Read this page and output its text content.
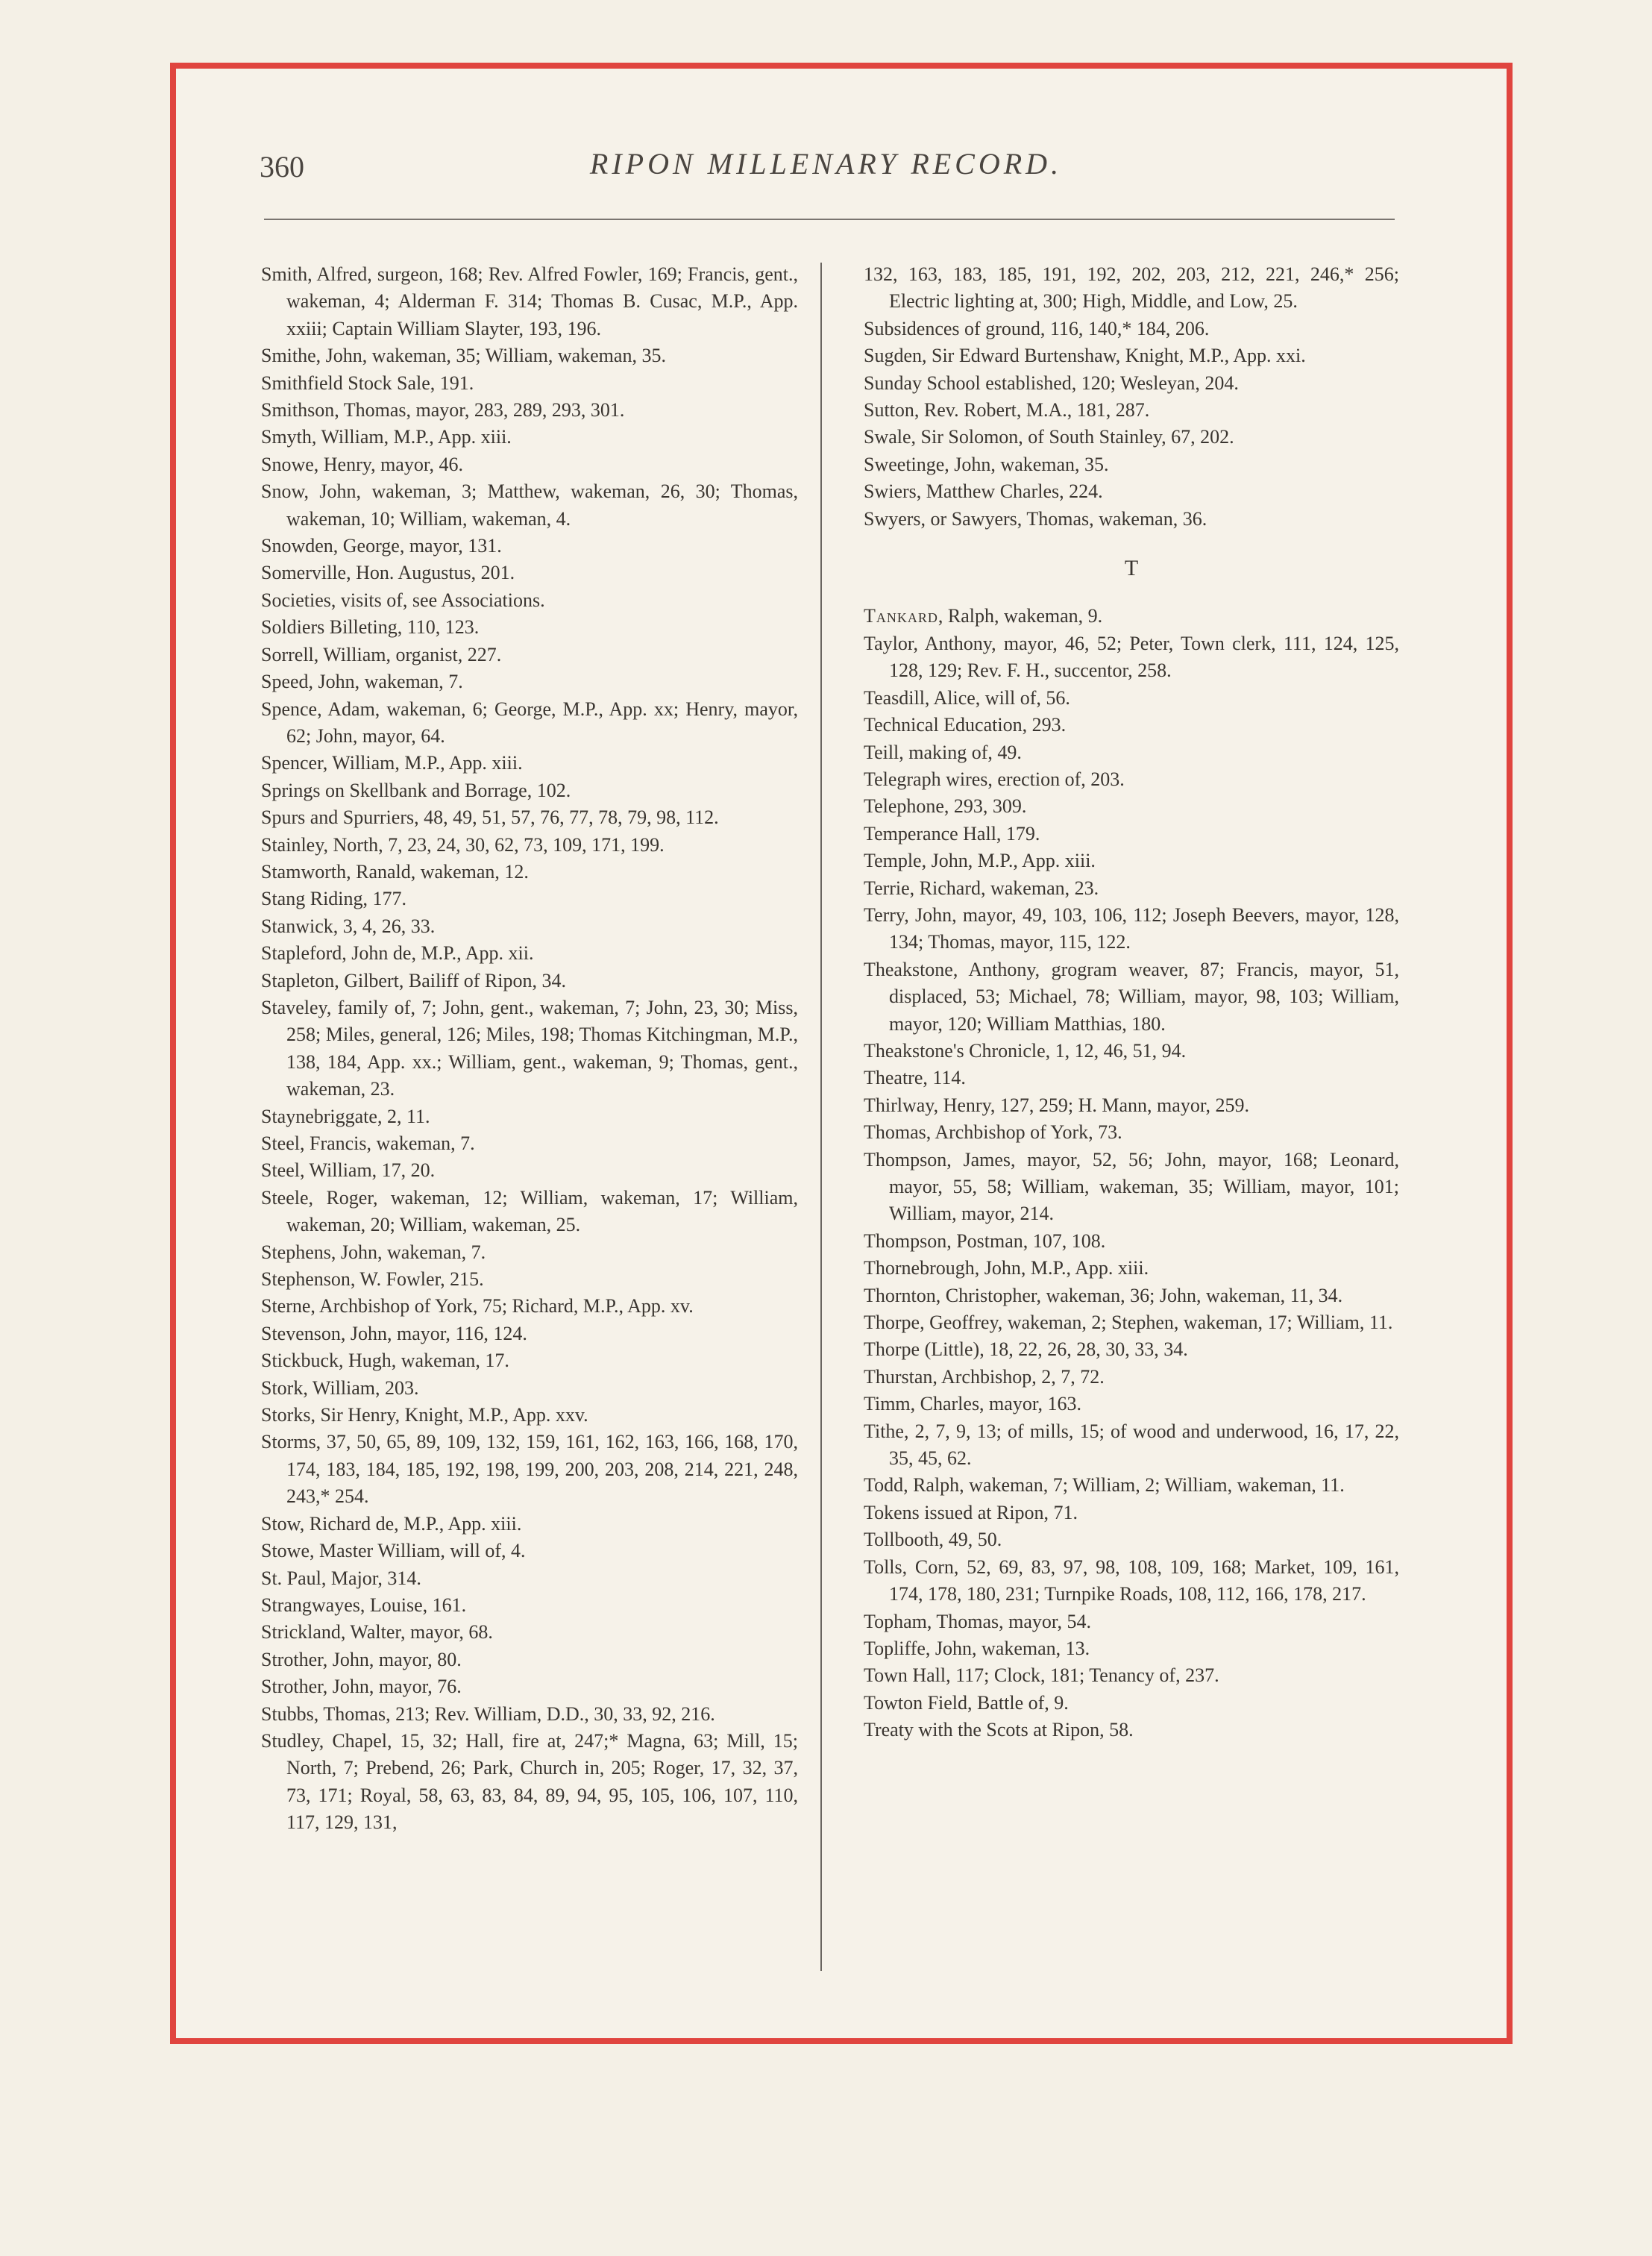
360	RIPON MILLENARY RECORD.

Smith, Alfred, surgeon, 168; Rev. Alfred Fowler, 169; Francis, gent., wakeman, 4; Alderman F. 314; Thomas B. Cusac, M.P., App. xxiii; Captain William Slayter, 193, 196.

Smithe, John, wakeman, 35; William, wakeman, 35.

Smithfield Stock Sale, 191.

Smithson, Thomas, mayor, 283, 289, 293, 301.

Smyth, William, M.P., App. xiii.

Snowe, Henry, mayor, 46.

Snow, John, wakeman, 3; Matthew, wakeman, 26, 30; Thomas, wakeman, 10; William, wakeman, 4.

Snowden, George, mayor, 131.

Somerville, Hon. Augustus, 201.

Societies, visits of, see Associations.

Soldiers Billeting, 110, 123.

Sorrell, William, organist, 227.

Speed, John, wakeman, 7.

Spence, Adam, wakeman, 6; George, M.P., App. xx; Henry, mayor, 62; John, mayor, 64.

Spencer, William, M.P., App. xiii.

Springs on Skellbank and Borrage, 102.

Spurs and Spurriers, 48, 49, 51, 57, 76, 77, 78, 79, 98, 112.

Stainley, North, 7, 23, 24, 30, 62, 73, 109, 171, 199.

Stamworth, Ranald, wakeman, 12.

Stang Riding, 177.

Stanwick, 3, 4, 26, 33.

Stapleford, John de, M.P., App. xii.

Stapleton, Gilbert, Bailiff of Ripon, 34.

Staveley, family of, 7; John, gent., wakeman, 7; John, 23, 30; Miss, 258; Miles, general, 126; Miles, 198; Thomas Kitchingman, M.P., 138, 184, App. xx.; William, gent., wakeman, 9; Thomas, gent., wakeman, 23.

Staynebriggate, 2, 11.

Steel, Francis, wakeman, 7.

Steel, William, 17, 20.

Steele, Roger, wakeman, 12; William, wakeman, 17; William, wakeman, 20; William, wakeman, 25.

Stephens, John, wakeman, 7.

Stephenson, W. Fowler, 215.

Sterne, Archbishop of York, 75; Richard, M.P., App. xv.

Stevenson, John, mayor, 116, 124.

Stickbuck, Hugh, wakeman, 17.

Stork, William, 203.

Storks, Sir Henry, Knight, M.P., App. xxv.

Storms, 37, 50, 65, 89, 109, 132, 159, 161, 162, 163, 166, 168, 170, 174, 183, 184, 185, 192, 198, 199, 200, 203, 208, 214, 221, 248, 243,* 254.

Stow, Richard de, M.P., App. xiii.

Stowe, Master William, will of, 4.

St. Paul, Major, 314.

Strangwayes, Louise, 161.

Strickland, Walter, mayor, 68.

Strother, John, mayor, 80.

Strother, John, mayor, 76.

Stubbs, Thomas, 213; Rev. William, D.D., 30, 33, 92, 216.

Studley, Chapel, 15, 32; Hall, fire at, 247;* Magna, 63; Mill, 15; North, 7; Prebend, 26; Park, Church in, 205; Roger, 17, 32, 37, 73, 171; Royal, 58, 63, 83, 84, 89, 94, 95, 105, 106, 107, 110, 117, 129, 131,

132, 163, 183, 185, 191, 192, 202, 203, 212, 221, 246,* 256; Electric lighting at, 300; High, Middle, and Low, 25.

Subsidences of ground, 116, 140,* 184, 206.

Sugden, Sir Edward Burtenshaw, Knight, M.P., App. xxi.

Sunday School established, 120; Wesleyan, 204.

Sutton, Rev. Robert, M.A., 181, 287.

Swale, Sir Solomon, of South Stainley, 67, 202.

Sweetinge, John, wakeman, 35.

Swiers, Matthew Charles, 224.

Swyers, or Sawyers, Thomas, wakeman, 36.

T

Tankard, Ralph, wakeman, 9.

Taylor, Anthony, mayor, 46, 52; Peter, Town clerk, 111, 124, 125, 128, 129; Rev. F. H., succentor, 258.

Teasdill, Alice, will of, 56.

Technical Education, 293.

Teill, making of, 49.

Telegraph wires, erection of, 203.

Telephone, 293, 309.

Temperance Hall, 179.

Temple, John, M.P., App. xiii.

Terrie, Richard, wakeman, 23.

Terry, John, mayor, 49, 103, 106, 112; Joseph Beevers, mayor, 128, 134; Thomas, mayor, 115, 122.

Theakstone, Anthony, grogram weaver, 87; Francis, mayor, 51, displaced, 53; Michael, 78; William, mayor, 98, 103; William, mayor, 120; William Matthias, 180.

Theakstone's Chronicle, 1, 12, 46, 51, 94.

Theatre, 114.

Thirlway, Henry, 127, 259; H. Mann, mayor, 259.

Thomas, Archbishop of York, 73.

Thompson, James, mayor, 52, 56; John, mayor, 168; Leonard, mayor, 55, 58; William, wakeman, 35; William, mayor, 101; William, mayor, 214.

Thompson, Postman, 107, 108.

Thornebrough, John, M.P., App. xiii.

Thornton, Christopher, wakeman, 36; John, wakeman, 11, 34.

Thorpe, Geoffrey, wakeman, 2; Stephen, wakeman, 17; William, 11.

Thorpe (Little), 18, 22, 26, 28, 30, 33, 34.

Thurstan, Archbishop, 2, 7, 72.

Timm, Charles, mayor, 163.

Tithe, 2, 7, 9, 13; of mills, 15; of wood and underwood, 16, 17, 22, 35, 45, 62.

Todd, Ralph, wakeman, 7; William, 2; William, wakeman, 11.

Tokens issued at Ripon, 71.

Tollbooth, 49, 50.

Tolls, Corn, 52, 69, 83, 97, 98, 108, 109, 168; Market, 109, 161, 174, 178, 180, 231; Turnpike Roads, 108, 112, 166, 178, 217.

Topham, Thomas, mayor, 54.

Topliffe, John, wakeman, 13.

Town Hall, 117; Clock, 181; Tenancy of, 237.

Towton Field, Battle of, 9.

Treaty with the Scots at Ripon, 58.
